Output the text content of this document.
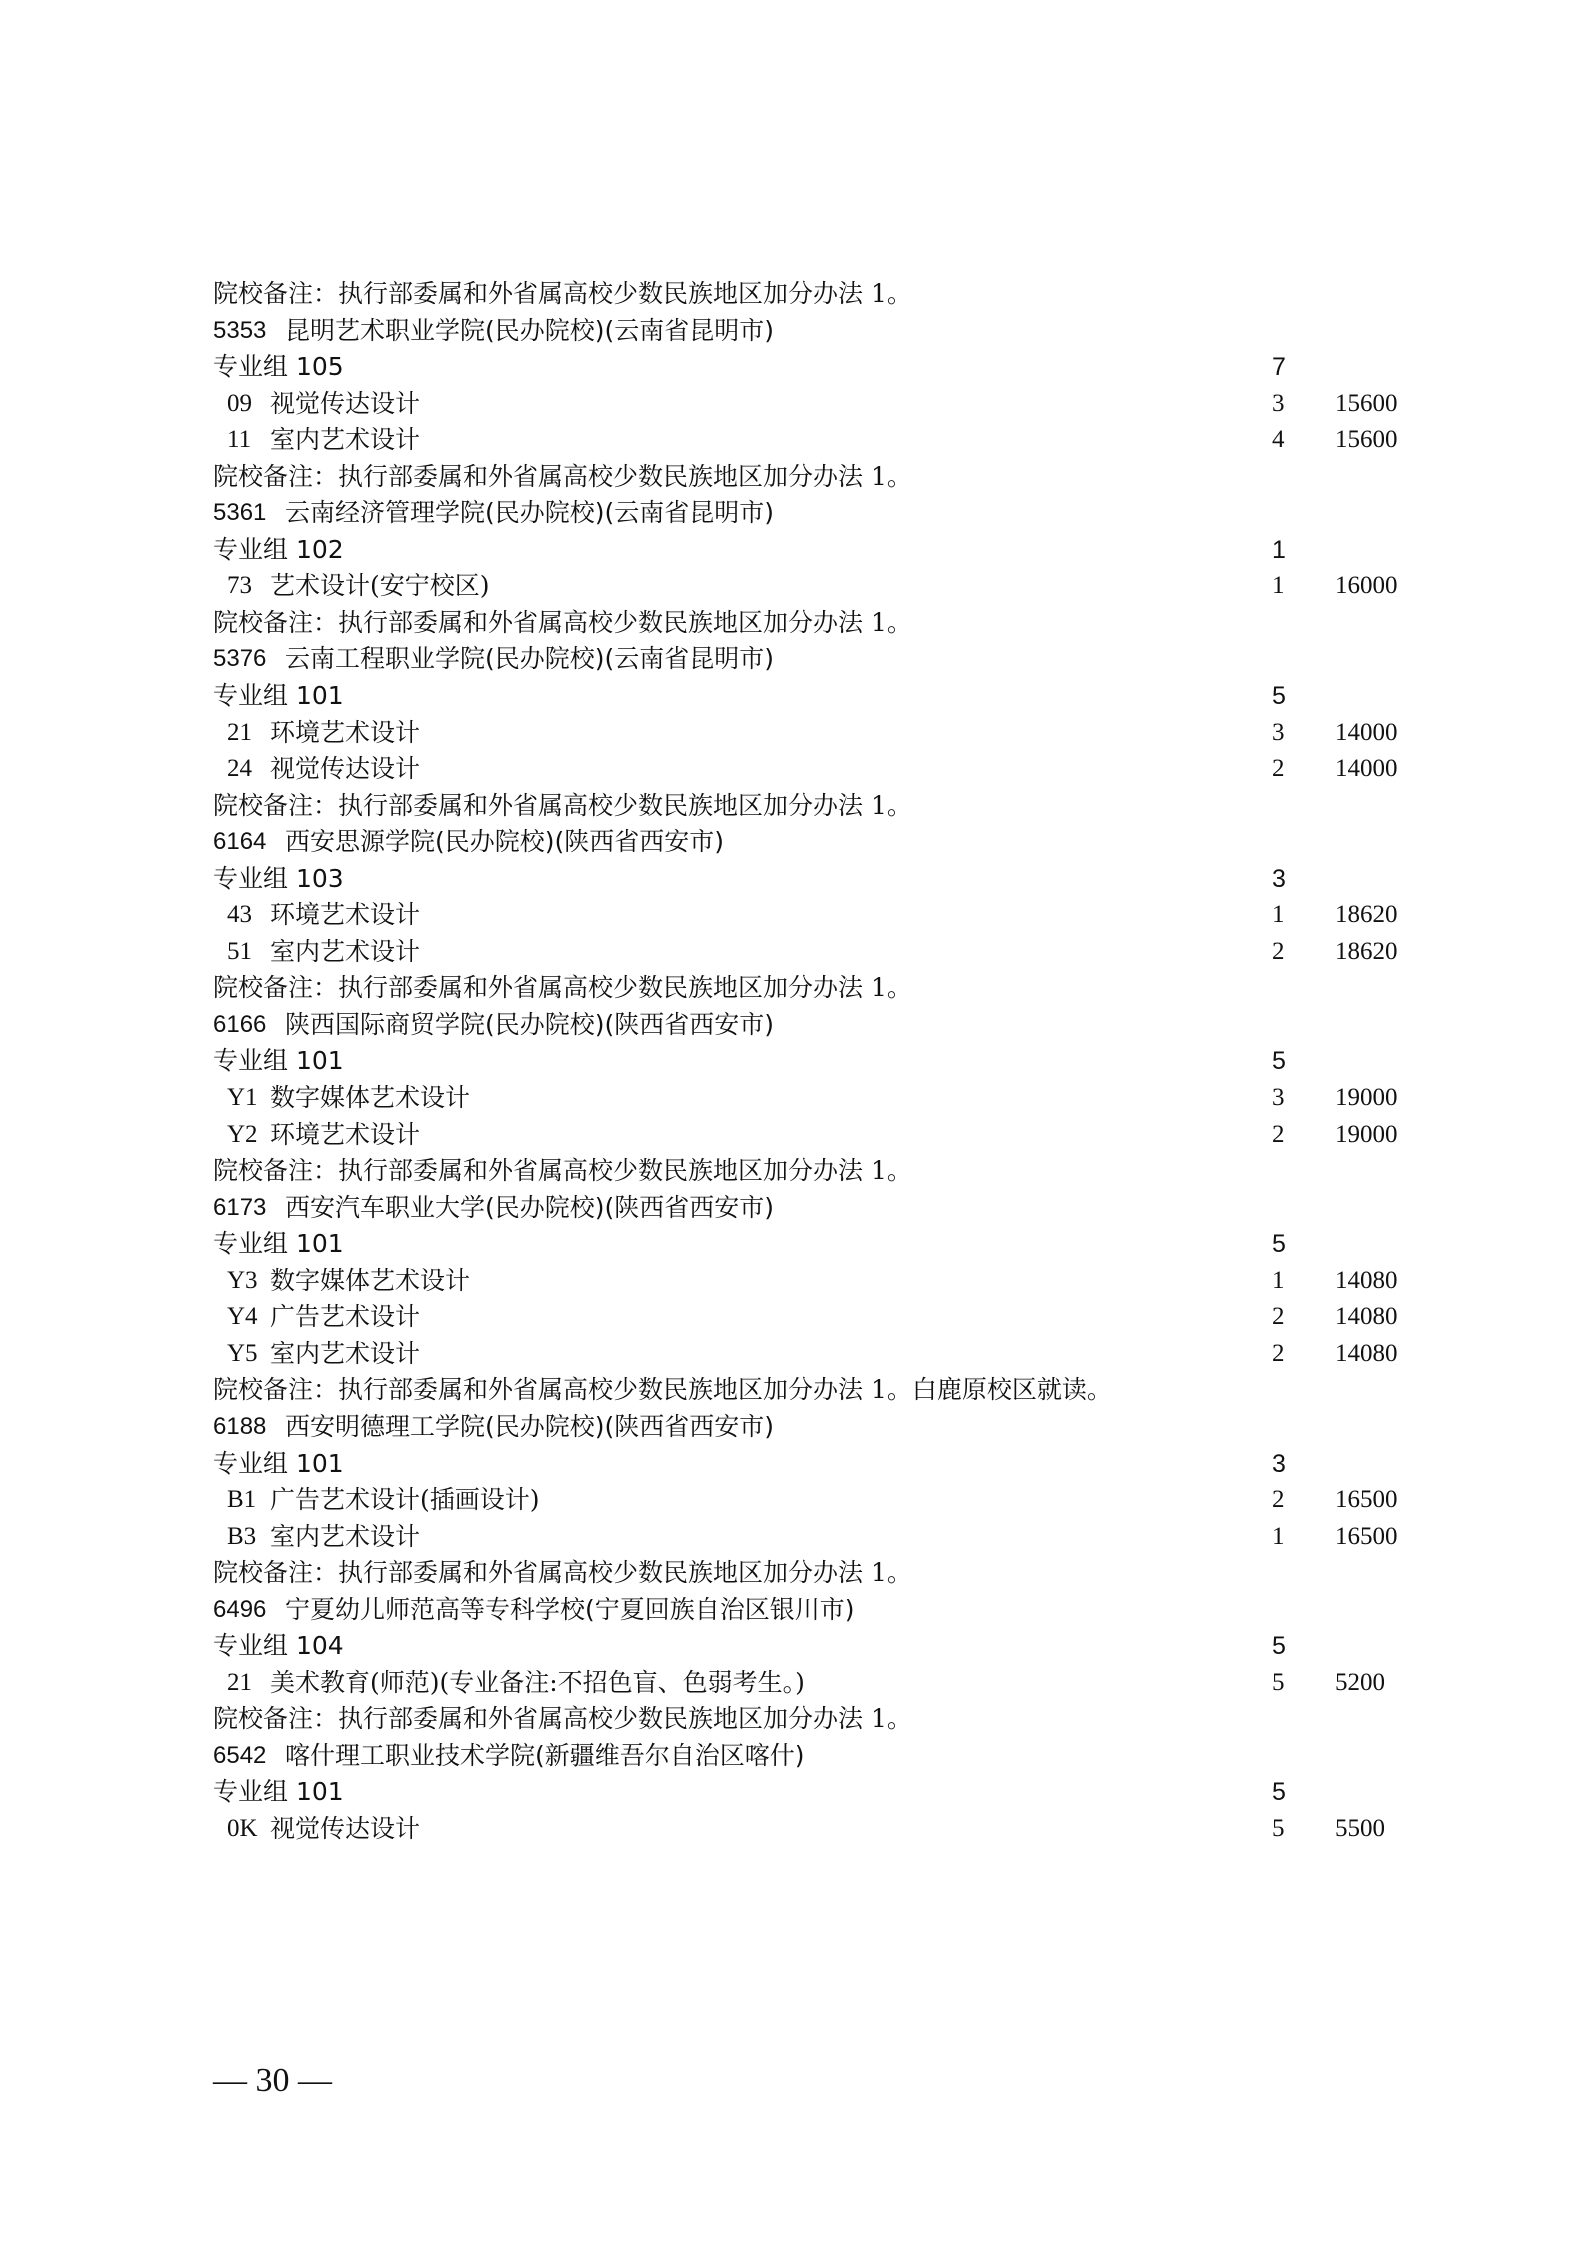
院校备注：执行部委属和外省属高校少数民族地区加分办法 1。
5353 昆明艺术职业学院(民办院校)(云南省昆明市)
专业组 105	7
09 视觉传达设计	3 15600
11 室内艺术设计	4 15600
院校备注：执行部委属和外省属高校少数民族地区加分办法 1。
5361 云南经济管理学院(民办院校)(云南省昆明市)
专业组 102	1
73 艺术设计(安宁校区)	1 16000
院校备注：执行部委属和外省属高校少数民族地区加分办法 1。
5376 云南工程职业学院(民办院校)(云南省昆明市)
专业组 101	5
21 环境艺术设计	3 14000
24 视觉传达设计	2 14000
院校备注：执行部委属和外省属高校少数民族地区加分办法 1。
6164 西安思源学院(民办院校)(陕西省西安市)
专业组 103	3
43 环境艺术设计	1 18620
51 室内艺术设计	2 18620
院校备注：执行部委属和外省属高校少数民族地区加分办法 1。
6166 陕西国际商贸学院(民办院校)(陕西省西安市)
专业组 101	5
Y1 数字媒体艺术设计	3 19000
Y2 环境艺术设计	2 19000
院校备注：执行部委属和外省属高校少数民族地区加分办法 1。
6173 西安汽车职业大学(民办院校)(陕西省西安市)
专业组 101	5
Y3 数字媒体艺术设计	1 14080
Y4 广告艺术设计	2 14080
Y5 室内艺术设计	2 14080
院校备注：执行部委属和外省属高校少数民族地区加分办法 1。白鹿原校区就读。
6188 西安明德理工学院(民办院校)(陕西省西安市)
专业组 101	3
B1 广告艺术设计(插画设计)	2 16500
B3 室内艺术设计	1 16500
院校备注：执行部委属和外省属高校少数民族地区加分办法 1。
6496 宁夏幼儿师范高等专科学校(宁夏回族自治区银川市)
专业组 104	5
21 美术教育(师范)(专业备注:不招色盲、色弱考生。)	5 5200
院校备注：执行部委属和外省属高校少数民族地区加分办法 1。
6542 喀什理工职业技术学院(新疆维吾尔自治区喀什)
专业组 101	5
0K 视觉传达设计	5 5500
— 30 —
